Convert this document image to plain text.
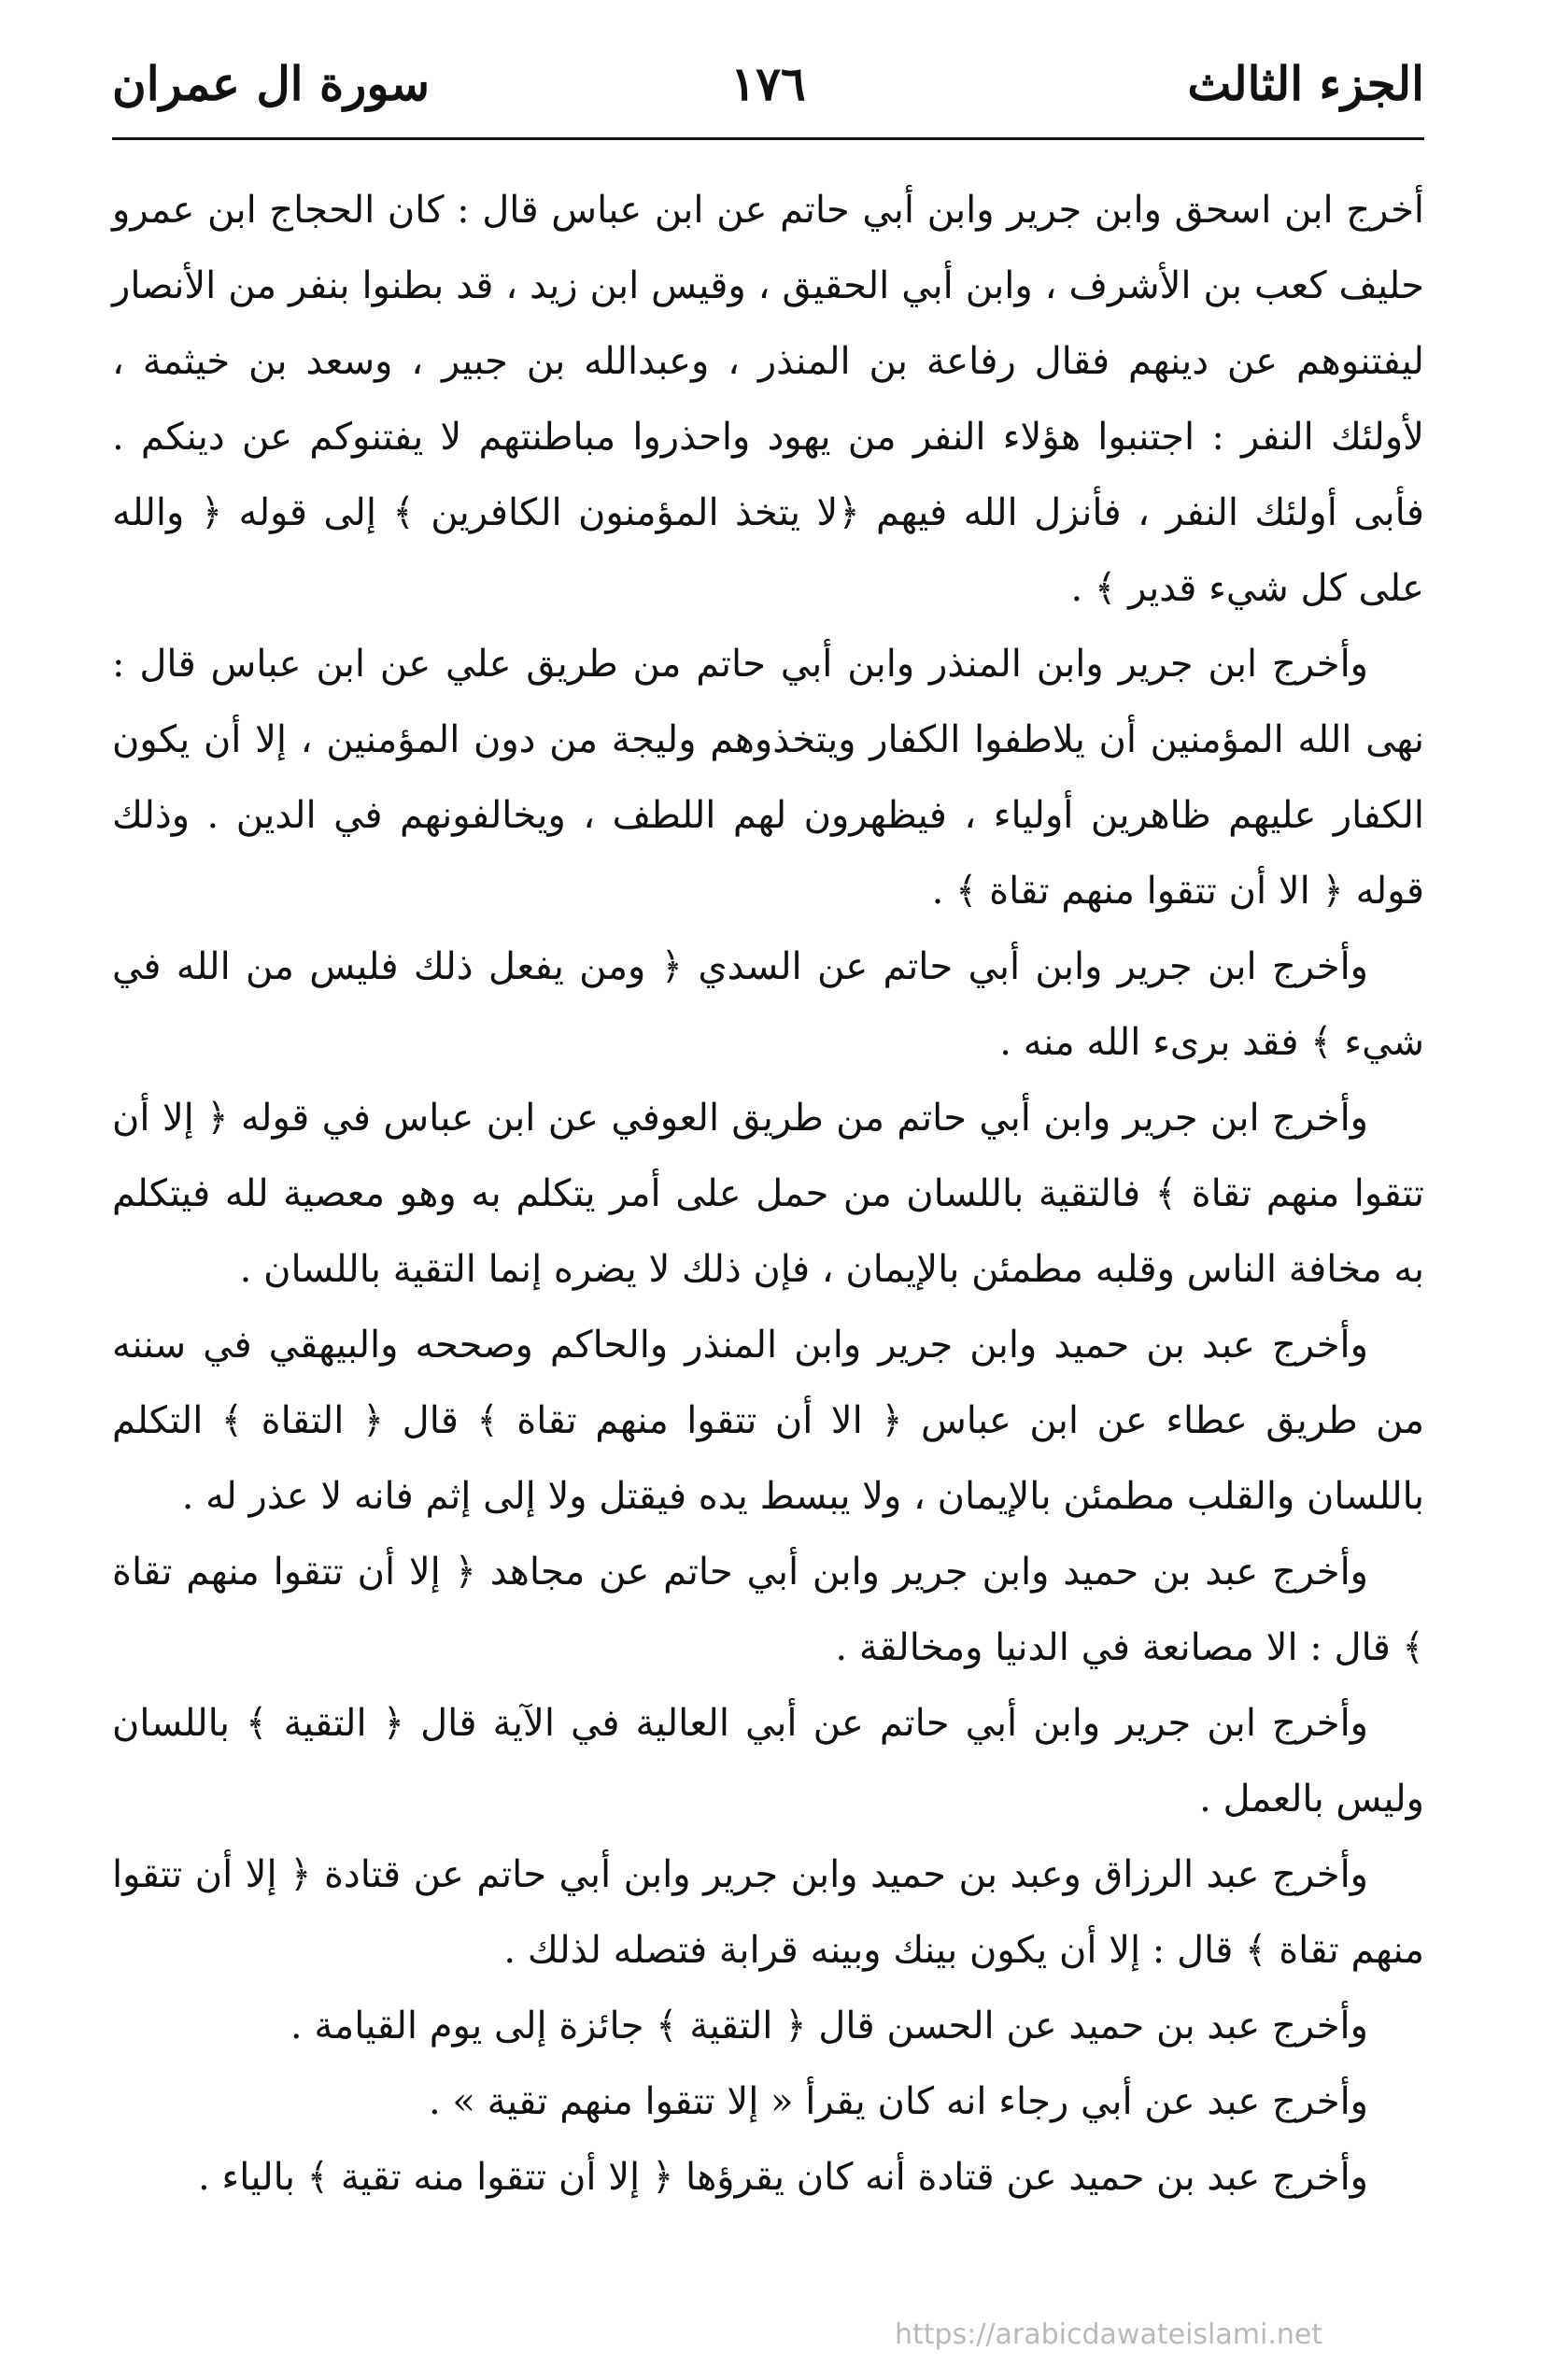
الجزء الثالث
١٧٦
سورة ال عمران

أخرج ابن اسحق وابن جرير وابن أبي حاتم عن ابن عباس قال : كان الحجاج ابن عمرو حليف كعب بن الأشرف ، وابن أبي الحقيق ، وقيس ابن زيد ، قد بطنوا بنفر من الأنصار ليفتنوهم عن دينهم فقال رفاعة بن المنذر ، وعبدالله بن جبير ، وسعد بن خيثمة ، لأولئك النفر : اجتنبوا هؤلاء النفر من يهود واحذروا مباطنتهم لا يفتنوكم عن دينكم . فأبى أولئك النفر ، فأنزل الله فيهم ﴿لا يتخذ المؤمنون الكافرين ﴾ إلى قوله ﴿ والله على كل شيء قدير ﴾ .

وأخرج ابن جرير وابن المنذر وابن أبي حاتم من طريق علي عن ابن عباس قال : نهى الله المؤمنين أن يلاطفوا الكفار ويتخذوهم وليجة من دون المؤمنين ، إلا أن يكون الكفار عليهم ظاهرين أولياء ، فيظهرون لهم اللطف ، ويخالفونهم في الدين . وذلك قوله ﴿ الا أن تتقوا منهم تقاة ﴾ .

وأخرج ابن جرير وابن أبي حاتم عن السدي ﴿ ومن يفعل ذلك فليس من الله في شيء ﴾ فقد برىء الله منه .

وأخرج ابن جرير وابن أبي حاتم من طريق العوفي عن ابن عباس في قوله ﴿ إلا أن تتقوا منهم تقاة ﴾ فالتقية باللسان من حمل على أمر يتكلم به وهو معصية لله فيتكلم به مخافة الناس وقلبه مطمئن بالإيمان ، فإن ذلك لا يضره إنما التقية باللسان .

وأخرج عبد بن حميد وابن جرير وابن المنذر والحاكم وصححه والبيهقي في سننه من طريق عطاء عن ابن عباس ﴿ الا أن تتقوا منهم تقاة ﴾ قال ﴿ التقاة ﴾ التكلم باللسان والقلب مطمئن بالإيمان ، ولا يبسط يده فيقتل ولا إلى إثم فانه لا عذر له .

وأخرج عبد بن حميد وابن جرير وابن أبي حاتم عن مجاهد ﴿ إلا أن تتقوا منهم تقاة ﴾ قال : الا مصانعة في الدنيا ومخالقة .

وأخرج ابن جرير وابن أبي حاتم عن أبي العالية في الآية قال ﴿ التقية ﴾ باللسان وليس بالعمل .

وأخرج عبد الرزاق وعبد بن حميد وابن جرير وابن أبي حاتم عن قتادة ﴿ إلا أن تتقوا منهم تقاة ﴾ قال : إلا أن يكون بينك وبينه قرابة فتصله لذلك .

وأخرج عبد بن حميد عن الحسن قال ﴿ التقية ﴾ جائزة إلى يوم القيامة .

وأخرج عبد عن أبي رجاء انه كان يقرأ « إلا تتقوا منهم تقية » .

وأخرج عبد بن حميد عن قتادة أنه كان يقرؤها ﴿ إلا أن تتقوا منه تقية ﴾ بالياء .

https://arabicdawateislami.net
